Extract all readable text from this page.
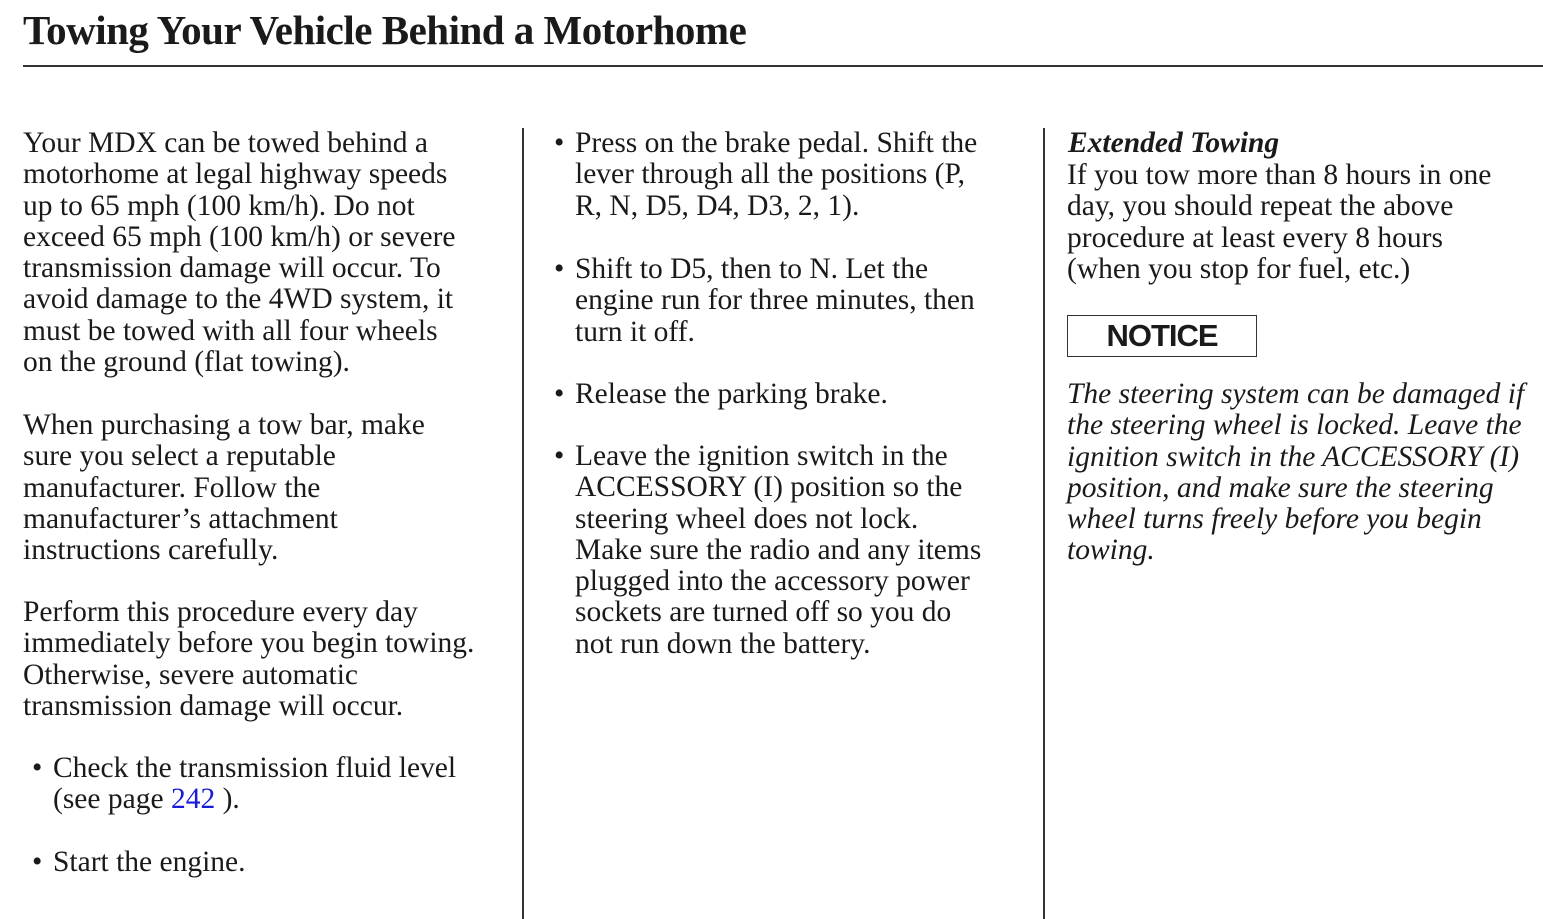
Towing Your Vehicle Behind a Motorhome
Your MDX can be towed behind a
motorhome at legal highway speeds
up to 65 mph (100 km/h). Do not
exceed 65 mph (100 km/h) or severe
transmission damage will occur. To
avoid damage to the 4WD system, it
must be towed with all four wheels
on the ground (flat towing).
When purchasing a tow bar, make
sure you select a reputable
manufacturer. Follow the
manufacturer’s attachment
instructions carefully.
Perform this procedure every day
immediately before you begin towing.
Otherwise, severe automatic
transmission damage will occur.
• Check the transmission fluid level
(see page 242 ).
• Start the engine.
• Press on the brake pedal. Shift the
lever through all the positions (P,
R, N, D5, D4, D3, 2, 1).
• Shift to D5, then to N. Let the
engine run for three minutes, then
turn it off.
• Release the parking brake.
• Leave the ignition switch in the
ACCESSORY (I) position so the
steering wheel does not lock.
Make sure the radio and any items
plugged into the accessory power
sockets are turned off so you do
not run down the battery.
Extended Towing
If you tow more than 8 hours in one
day, you should repeat the above
procedure at least every 8 hours
(when you stop for fuel, etc.)
NOTICE
The steering system can be damaged if
the steering wheel is locked. Leave the
ignition switch in the ACCESSORY (I)
position, and make sure the steering
wheel turns freely before you begin
towing.
